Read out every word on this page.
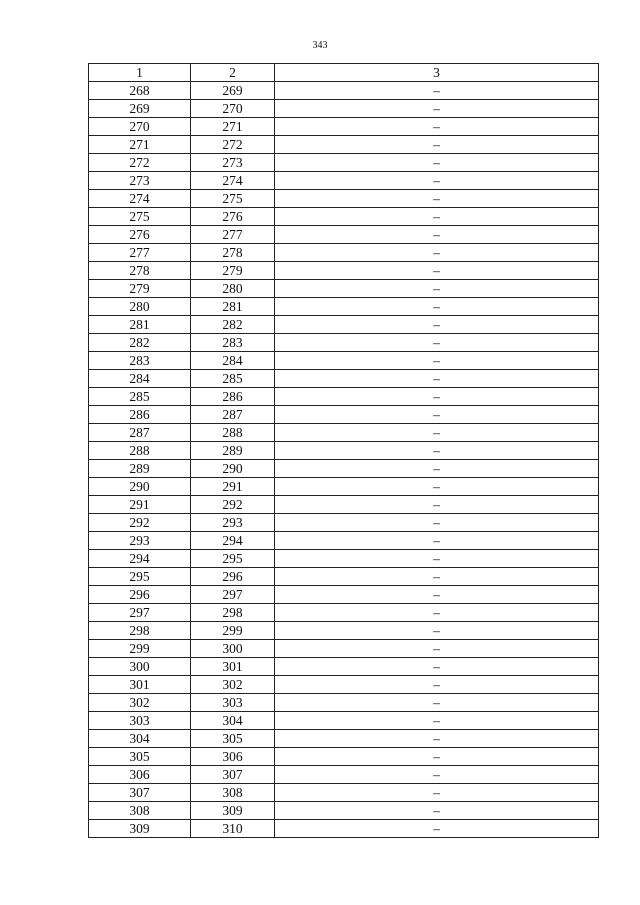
343
1	2	3
268	269	–
269	270	–
270	271	–
271	272	–
272	273	–
273	274	–
274	275	–
275	276	–
276	277	–
277	278	–
278	279	–
279	280	–
280	281	–
281	282	–
282	283	–
283	284	–
284	285	–
285	286	–
286	287	–
287	288	–
288	289	–
289	290	–
290	291	–
291	292	–
292	293	–
293	294	–
294	295	–
295	296	–
296	297	–
297	298	–
298	299	–
299	300	–
300	301	–
301	302	–
302	303	–
303	304	–
304	305	–
305	306	–
306	307	–
307	308	–
308	309	–
309	310	–
